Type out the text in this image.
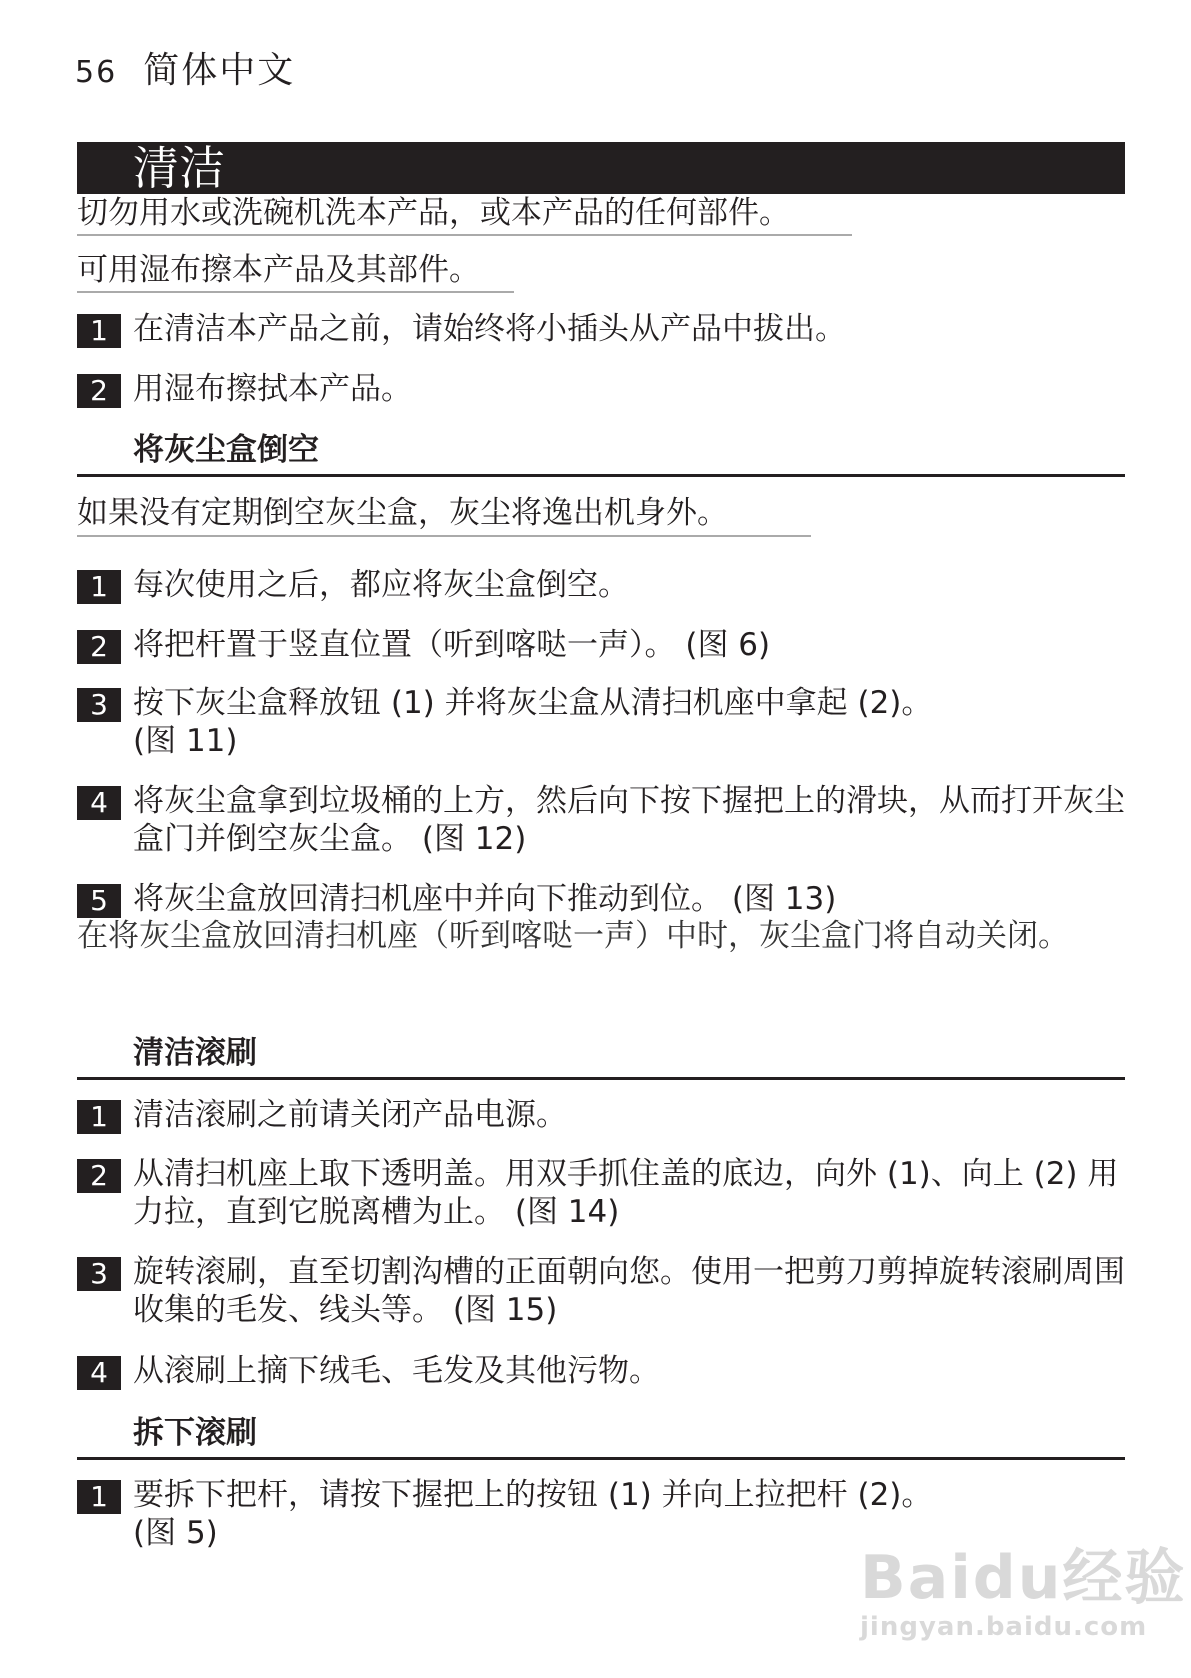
56 简体中文
清洁
切勿用水或洗碗机洗本产品，或本产品的任何部件。
可用湿布擦本产品及其部件。
1 在清洁本产品之前，请始终将小插头从产品中拔出。
2 用湿布擦拭本产品。
将灰尘盒倒空
如果没有定期倒空灰尘盒，灰尘将逸出机身外。
1 每次使用之后，都应将灰尘盒倒空。
2 将把杆置于竖直位置（听到喀哒一声）。 (图 6)
3 按下灰尘盒释放钮 (1) 并将灰尘盒从清扫机座中拿起 (2)。 (图 11)
4 将灰尘盒拿到垃圾桶的上方，然后向下按下握把上的滑块，从而打开灰尘盒门并倒空灰尘盒。 (图 12)
5 将灰尘盒放回清扫机座中并向下推动到位。 (图 13)
在将灰尘盒放回清扫机座（听到喀哒一声）中时，灰尘盒门将自动关闭。
清洁滚刷
1 清洁滚刷之前请关闭产品电源。
2 从清扫机座上取下透明盖。用双手抓住盖的底边，向外 (1)、向上 (2) 用力拉，直到它脱离槽为止。 (图 14)
3 旋转滚刷，直至切割沟槽的正面朝向您。使用一把剪刀剪掉旋转滚刷周围收集的毛发、线头等。 (图 15)
4 从滚刷上摘下绒毛、毛发及其他污物。
拆下滚刷
1 要拆下把杆，请按下握把上的按钮 (1) 并向上拉把杆 (2)。 (图 5)
Baidu经验
jingyan.baidu.com
